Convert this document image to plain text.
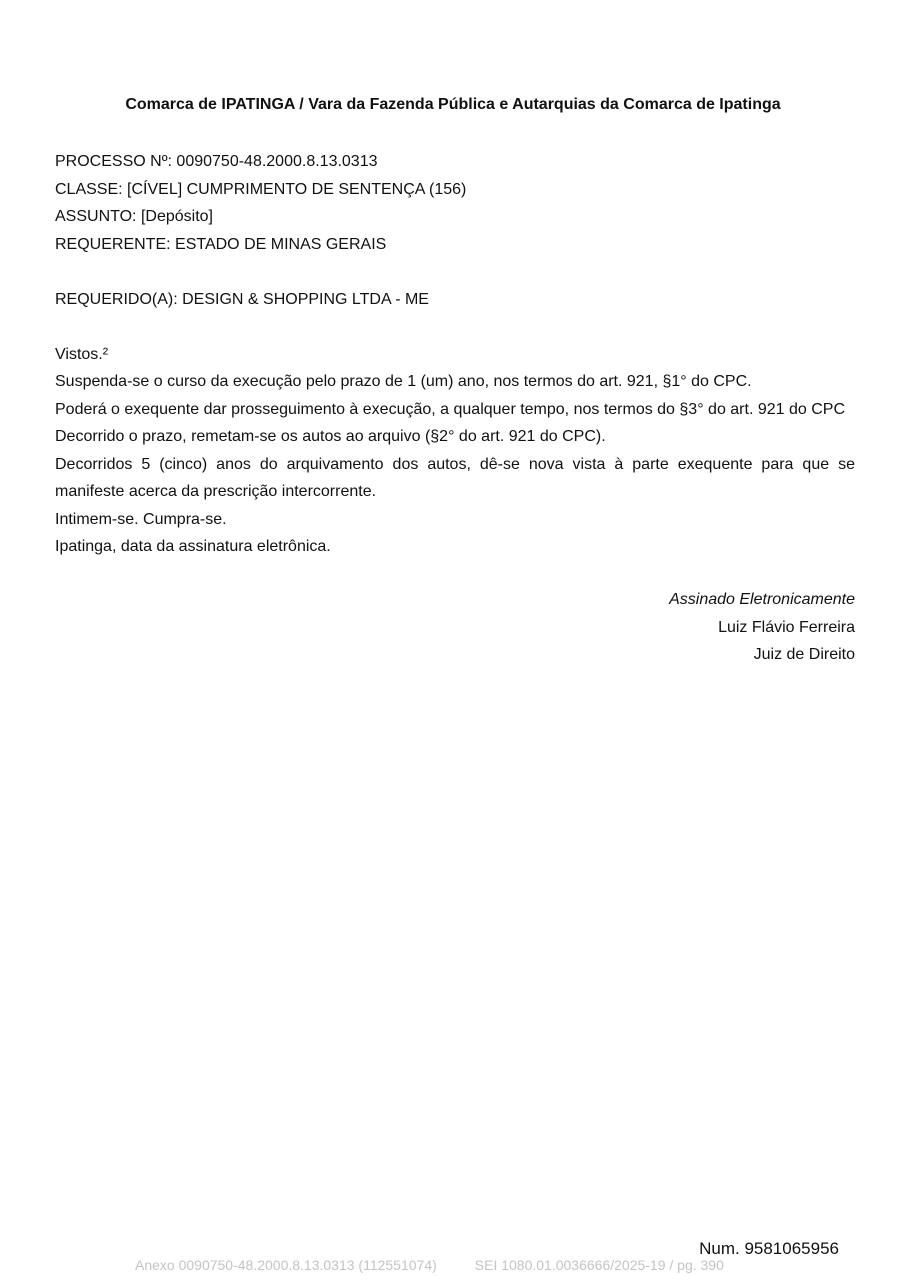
Comarca de IPATINGA / Vara da Fazenda Pública e Autarquias da Comarca de Ipatinga
PROCESSO Nº: 0090750-48.2000.8.13.0313
CLASSE: [CÍVEL] CUMPRIMENTO DE SENTENÇA (156)
ASSUNTO: [Depósito]
REQUERENTE: ESTADO DE MINAS GERAIS
REQUERIDO(A): DESIGN & SHOPPING LTDA - ME
Vistos.²
Suspenda-se o curso da execução pelo prazo de 1 (um) ano, nos termos do art. 921, §1° do CPC.
Poderá o exequente dar prosseguimento à execução, a qualquer tempo, nos termos do §3° do art. 921 do CPC
Decorrido o prazo, remetam-se os autos ao arquivo (§2° do art. 921 do CPC).
Decorridos 5 (cinco) anos do arquivamento dos autos, dê-se nova vista à parte exequente para que se manifeste acerca da prescrição intercorrente.
Intimem-se. Cumpra-se.
Ipatinga, data da assinatura eletrônica.
Assinado Eletronicamente
Luiz Flávio Ferreira
Juiz de Direito
Num. 9581065956
Anexo 0090750-48.2000.8.13.0313 (112551074)	SEI 1080.01.0036666/2025-19 / pg. 390
